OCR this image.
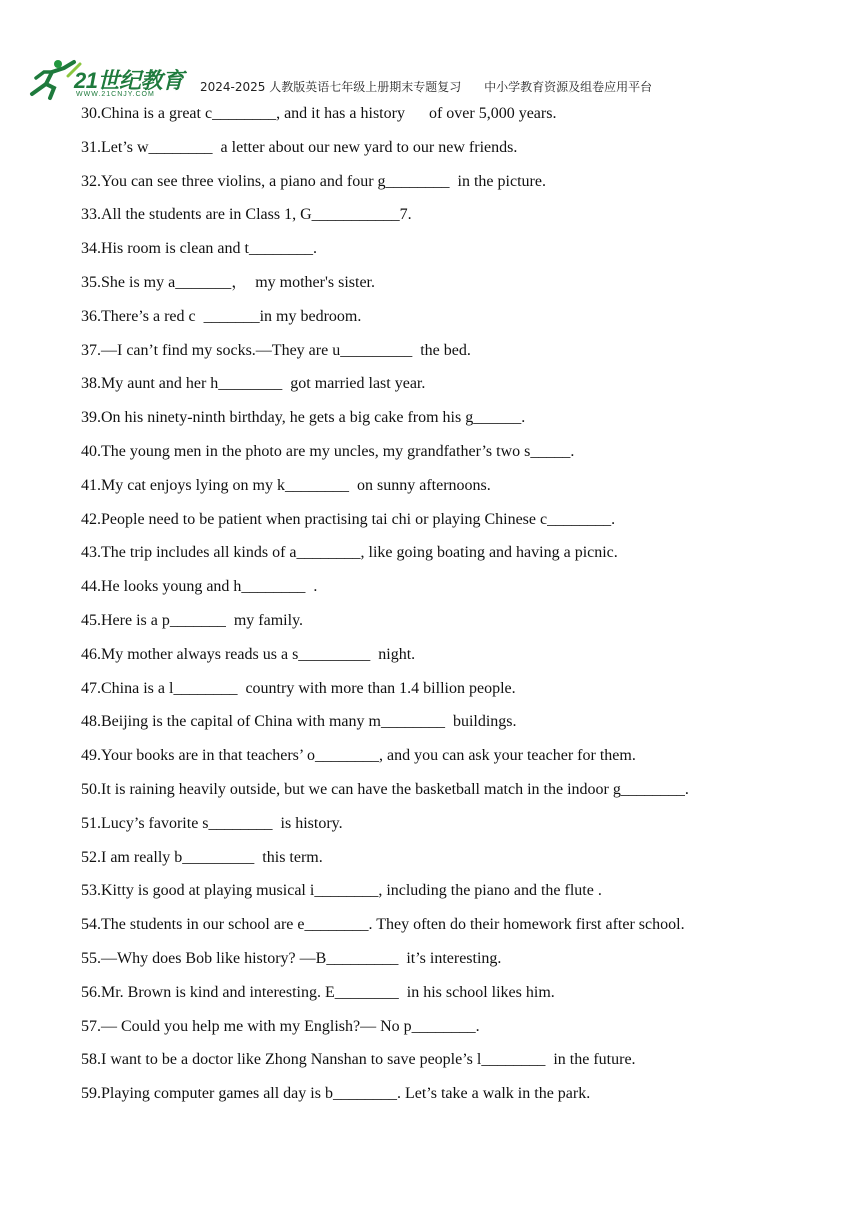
21世纪教育
WWW.21CNJY.COM
2024-2025 人教版英语七年级上册期末专题复习      中小学教育资源及组卷应用平台
30.China is a great c________, and it has a history      of over 5,000 years.
31.Let’s w________  a letter about our new yard to our new friends.
32.You can see three violins, a piano and four g________  in the picture.
33.All the students are in Class 1, G___________7.
34.His room is clean and t________.
35.She is my a_______，  my mother's sister.
36.There’s a red c  _______in my bedroom.
37.—I can’t find my socks.—They are u_________  the bed.
38.My aunt and her h________  got married last year.
39.On his ninety-ninth birthday, he gets a big cake from his g______.
40.The young men in the photo are my uncles, my grandfather’s two s_____.
41.My cat enjoys lying on my k________  on sunny afternoons.
42.People need to be patient when practising tai chi or playing Chinese c________.
43.The trip includes all kinds of a________, like going boating and having a picnic.
44.He looks young and h________  .
45.Here is a p_______  my family.
46.My mother always reads us a s_________  night.
47.China is a l________  country with more than 1.4 billion people.
48.Beijing is the capital of China with many m________  buildings.
49.Your books are in that teachers’ o________, and you can ask your teacher for them.
50.It is raining heavily outside, but we can have the basketball match in the indoor g________.
51.Lucy’s favorite s________  is history.
52.I am really b_________  this term.
53.Kitty is good at playing musical i________, including the piano and the flute .
54.The students in our school are e________. They often do their homework first after school.
55.—Why does Bob like history? —B_________  it’s interesting.
56.Mr. Brown is kind and interesting. E________  in his school likes him.
57.— Could you help me with my English?— No p________.
58.I want to be a doctor like Zhong Nanshan to save people’s l________  in the future.
59.Playing computer games all day is b________. Let’s take a walk in the park.
